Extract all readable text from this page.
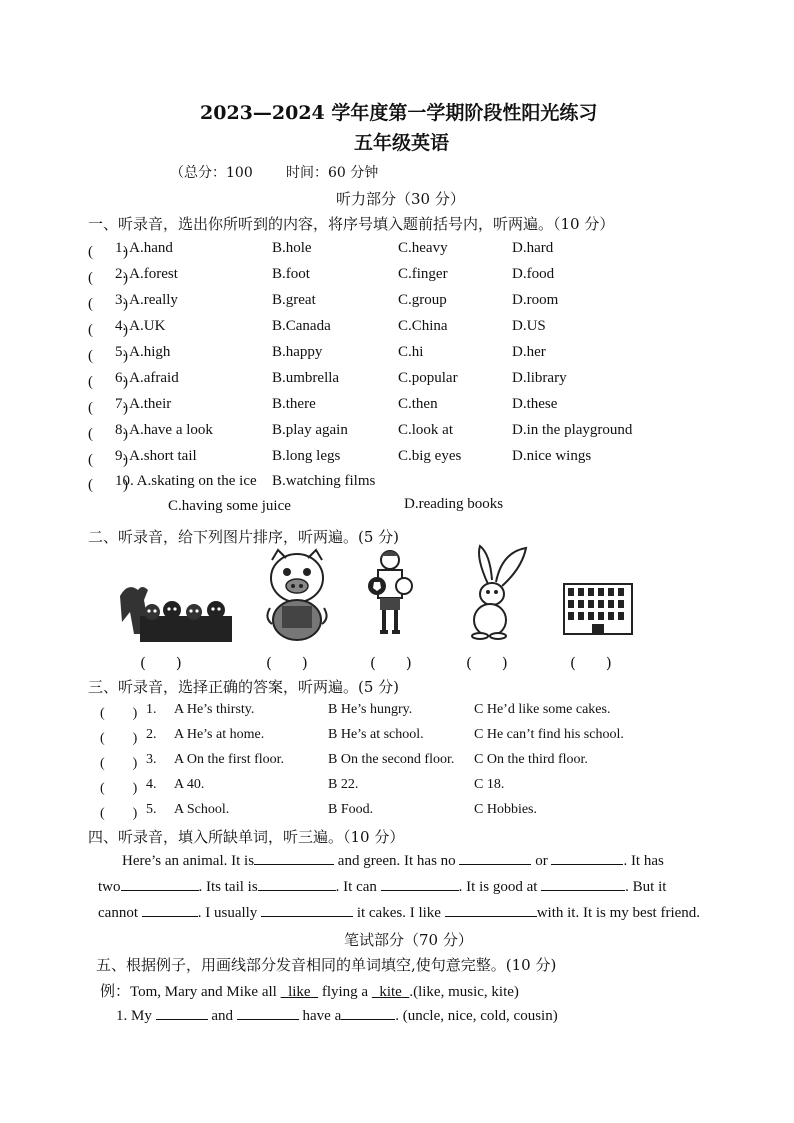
2023—2024 学年度第一学期阶段性阳光练习
五年级英语
（总分：100 时间：60 分钟
听力部分（30 分）
一、听录音，选出你所听到的内容，将序号填入题前括号内，听两遍。（10 分）
(　　)
1. A.hand	B.hole	C.heavy	D.hard
(　　)
2. A.forest	B.foot	C.finger	D.food
(　　)
3. A.really	B.great	C.group	D.room
(　　)
4. A.UK	B.Canada	C.China	D.US
(　　)
5. A.high	B.happy	C.hi	D.her
(　　)
6. A.afraid	B.umbrella	C.popular	D.library
(　　)
7. A.their	B.there	C.then	D.these
(　　)
8. A.have a look	B.play again	C.look at	D.in the playground
(　　)
9. A.short tail	B.long legs	C.big eyes	D.nice wings
(　　)
10. A.skating on the ice B.watching films
C.having some juice	D.reading books
二、听录音，给下列图片排序，听两遍。(5 分)
(　　)	(　　)	(　　)	(　　)	(　　)
三、听录音，选择正确的答案，听两遍。(5 分)
(　　) 1. A He’s thirsty.	B He’s hungry.	C He’d like some cakes.
(　　) 2. A He’s at home.	B He’s at school.	C He can’t find his school.
(　　) 3. A On the first floor.	B On the second floor. C On the third floor.
(　　) 4. A 40.	B 22.	C 18.
(　　) 5. A School.	B Food.	C Hobbies.
四、听录音，填入所缺单词，听三遍。（10 分）
Here’s an animal. It is	and green. It has no	or	. It has
two	. Its tail is	. It can	. It is good at	. But it
cannot	. I usually	it cakes. I like	with it. It is my best friend.
笔试部分（70 分）
五、根据例子，用画线部分发音相同的单词填空,使句意完整。(10 分)
例：Tom, Mary and Mike all like flying a kite .(like, music, kite)
1. My	and	have a	. (uncle, nice, cold, cousin)
